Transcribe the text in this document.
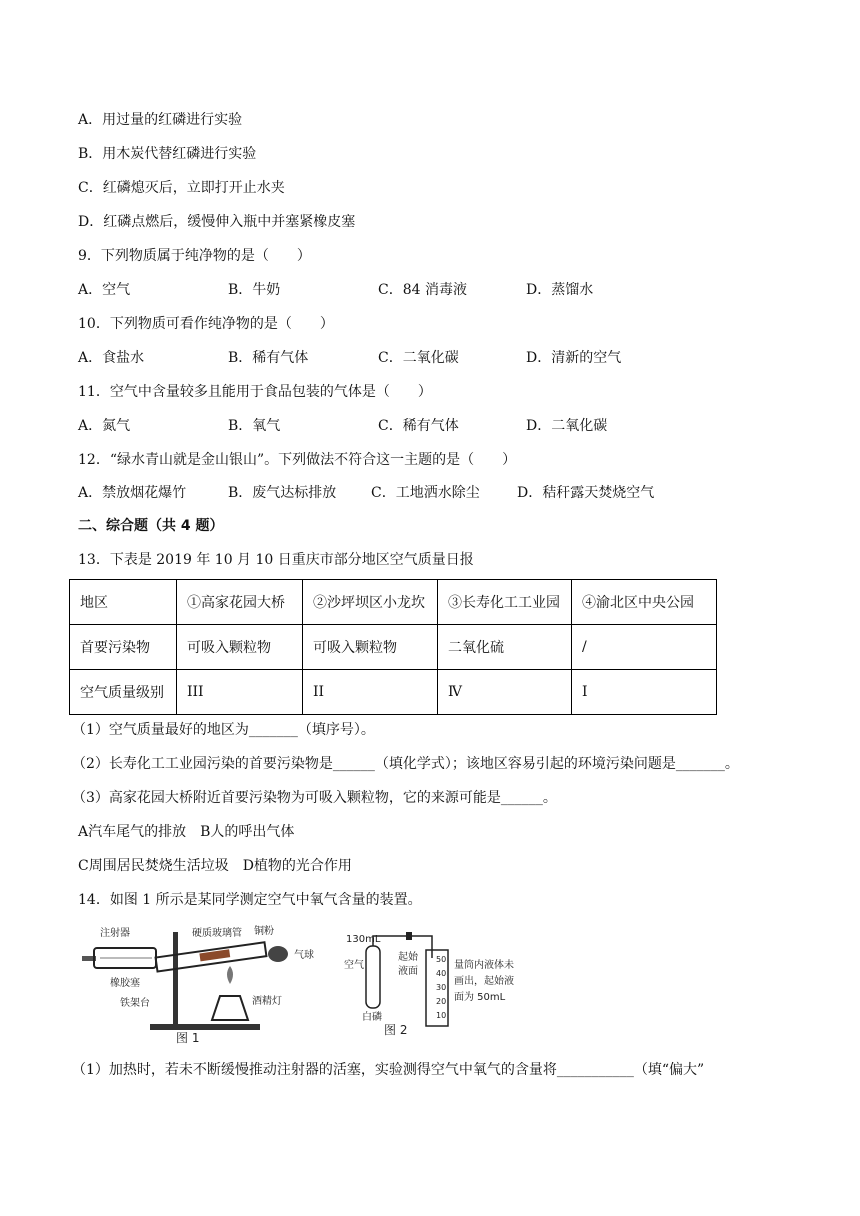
A．用过量的红磷进行实验
B．用木炭代替红磷进行实验
C．红磷熄灭后，立即打开止水夹
D．红磷点燃后，缓慢伸入瓶中并塞紧橡皮塞
9．下列物质属于纯净物的是（　　）
A．空气	B．牛奶	C．84 消毒液	D．蒸馏水
10．下列物质可看作纯净物的是（　　）
A．食盐水	B．稀有气体	C．二氧化碳	D．清新的空气
11．空气中含量较多且能用于食品包装的气体是（　　）
A．氮气	B．氧气	C．稀有气体	D．二氧化碳
12．“绿水青山就是金山银山”。下列做法不符合这一主题的是（　　）
A．禁放烟花爆竹	B．废气达标排放	C．工地洒水除尘	D．秸秆露天焚烧空气
二、综合题（共 4 题）
13．下表是 2019 年 10 月 10 日重庆市部分地区空气质量日报
地区	①高家花园大桥	②沙坪坝区小龙坎	③长寿化工工业园	④渝北区中央公园
首要污染物	可吸入颗粒物	可吸入颗粒物	二氧化硫	/
空气质量级别	III	II	Ⅳ	I
（1）空气质量最好的地区为_______（填序号）。
（2）长寿化工工业园污染的首要污染物是______（填化学式）；该地区容易引起的环境污染问题是_______。
（3）高家花园大桥附近首要污染物为可吸入颗粒物，它的来源可能是______。
A汽车尾气的排放　B人的呼出气体
C周围居民焚烧生活垃圾　D植物的光合作用
14．如图 1 所示是某同学测定空气中氧气含量的装置。
注射器	硬质玻璃管 铜粉
气球
橡胶塞
铁架台	酒精灯
图 1
130mL
空气
白磷
起始
液面
50
40
30
20
10
量筒内液体未
画出，起始液
面为 50mL
图 2
（1）加热时，若未不断缓慢推动注射器的活塞，实验测得空气中氧气的含量将___________（填“偏大”
